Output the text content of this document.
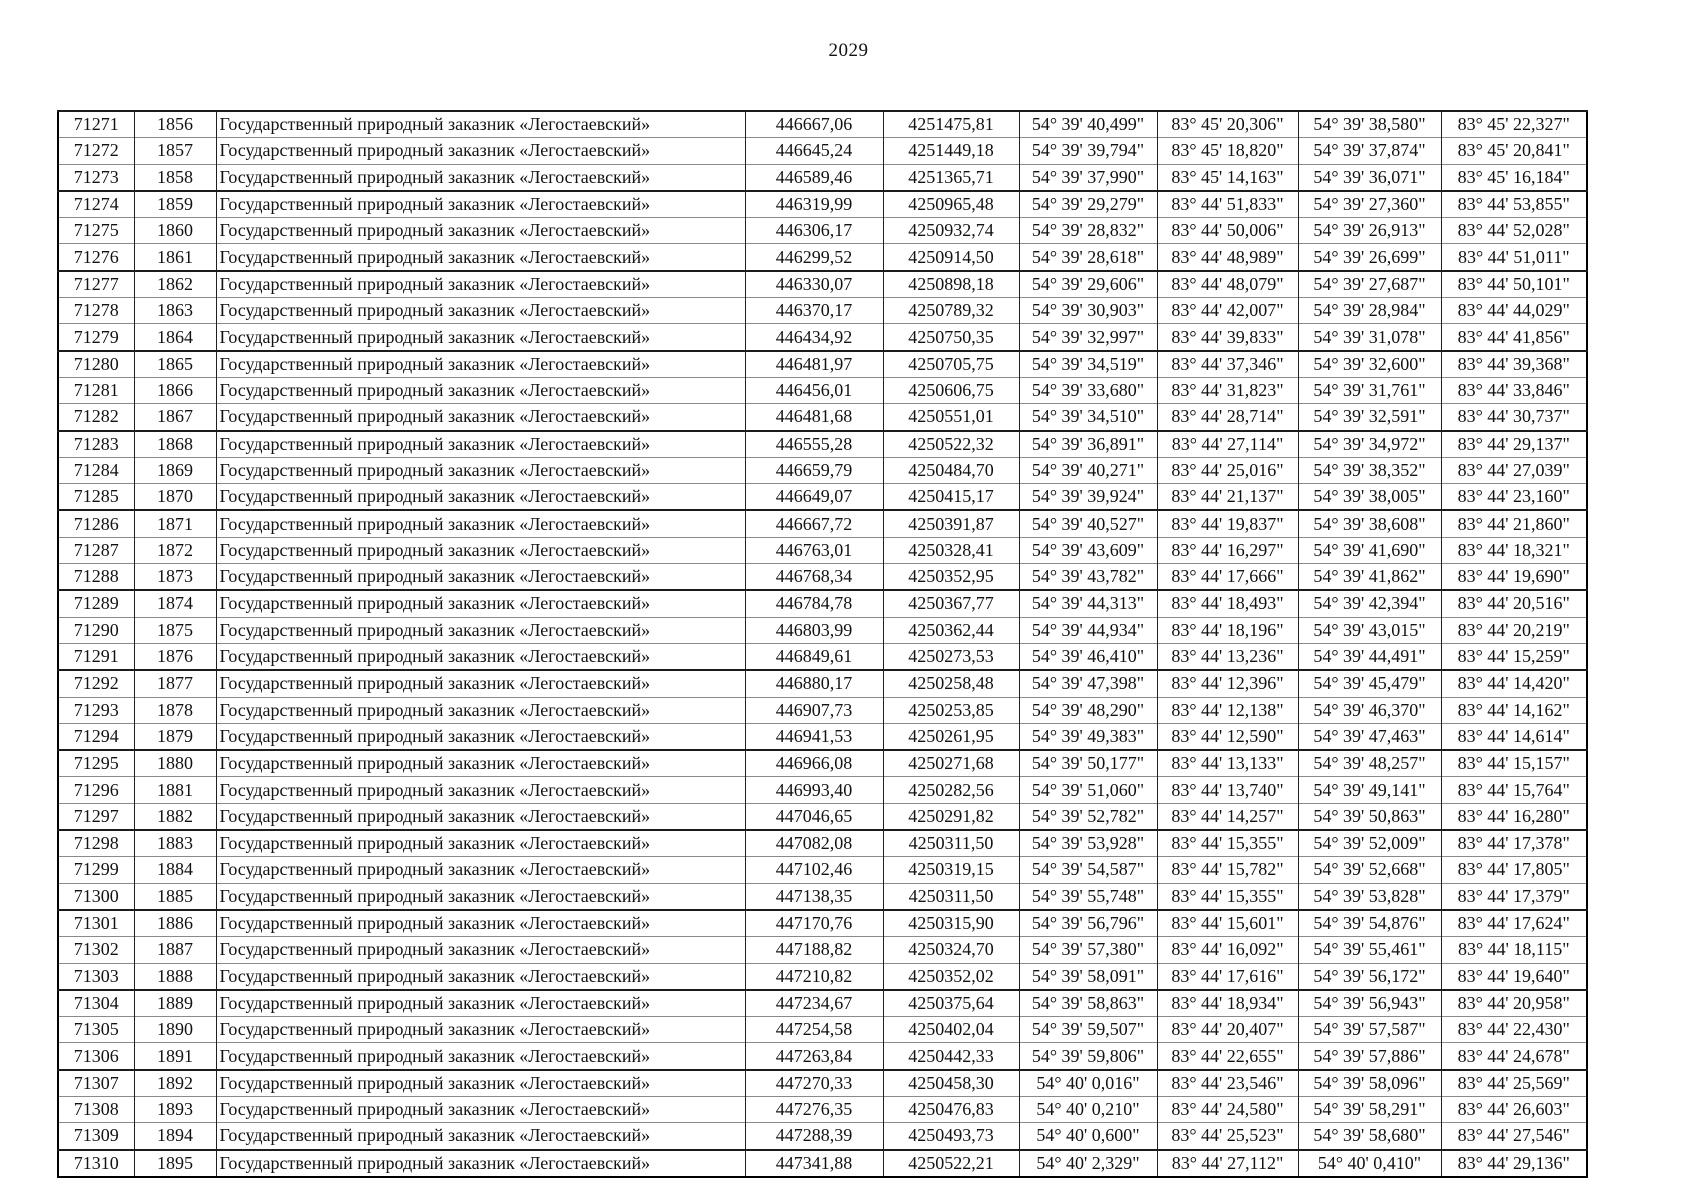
2029
71271	1856	Государственный природный заказник «Легостаевский»	446667,06	4251475,81	54° 39' 40,499"	83° 45' 20,306"	54° 39' 38,580"	83° 45' 22,327"
71272	1857	Государственный природный заказник «Легостаевский»	446645,24	4251449,18	54° 39' 39,794"	83° 45' 18,820"	54° 39' 37,874"	83° 45' 20,841"
71273	1858	Государственный природный заказник «Легостаевский»	446589,46	4251365,71	54° 39' 37,990"	83° 45' 14,163"	54° 39' 36,071"	83° 45' 16,184"
71274	1859	Государственный природный заказник «Легостаевский»	446319,99	4250965,48	54° 39' 29,279"	83° 44' 51,833"	54° 39' 27,360"	83° 44' 53,855"
71275	1860	Государственный природный заказник «Легостаевский»	446306,17	4250932,74	54° 39' 28,832"	83° 44' 50,006"	54° 39' 26,913"	83° 44' 52,028"
71276	1861	Государственный природный заказник «Легостаевский»	446299,52	4250914,50	54° 39' 28,618"	83° 44' 48,989"	54° 39' 26,699"	83° 44' 51,011"
71277	1862	Государственный природный заказник «Легостаевский»	446330,07	4250898,18	54° 39' 29,606"	83° 44' 48,079"	54° 39' 27,687"	83° 44' 50,101"
71278	1863	Государственный природный заказник «Легостаевский»	446370,17	4250789,32	54° 39' 30,903"	83° 44' 42,007"	54° 39' 28,984"	83° 44' 44,029"
71279	1864	Государственный природный заказник «Легостаевский»	446434,92	4250750,35	54° 39' 32,997"	83° 44' 39,833"	54° 39' 31,078"	83° 44' 41,856"
71280	1865	Государственный природный заказник «Легостаевский»	446481,97	4250705,75	54° 39' 34,519"	83° 44' 37,346"	54° 39' 32,600"	83° 44' 39,368"
71281	1866	Государственный природный заказник «Легостаевский»	446456,01	4250606,75	54° 39' 33,680"	83° 44' 31,823"	54° 39' 31,761"	83° 44' 33,846"
71282	1867	Государственный природный заказник «Легостаевский»	446481,68	4250551,01	54° 39' 34,510"	83° 44' 28,714"	54° 39' 32,591"	83° 44' 30,737"
71283	1868	Государственный природный заказник «Легостаевский»	446555,28	4250522,32	54° 39' 36,891"	83° 44' 27,114"	54° 39' 34,972"	83° 44' 29,137"
71284	1869	Государственный природный заказник «Легостаевский»	446659,79	4250484,70	54° 39' 40,271"	83° 44' 25,016"	54° 39' 38,352"	83° 44' 27,039"
71285	1870	Государственный природный заказник «Легостаевский»	446649,07	4250415,17	54° 39' 39,924"	83° 44' 21,137"	54° 39' 38,005"	83° 44' 23,160"
71286	1871	Государственный природный заказник «Легостаевский»	446667,72	4250391,87	54° 39' 40,527"	83° 44' 19,837"	54° 39' 38,608"	83° 44' 21,860"
71287	1872	Государственный природный заказник «Легостаевский»	446763,01	4250328,41	54° 39' 43,609"	83° 44' 16,297"	54° 39' 41,690"	83° 44' 18,321"
71288	1873	Государственный природный заказник «Легостаевский»	446768,34	4250352,95	54° 39' 43,782"	83° 44' 17,666"	54° 39' 41,862"	83° 44' 19,690"
71289	1874	Государственный природный заказник «Легостаевский»	446784,78	4250367,77	54° 39' 44,313"	83° 44' 18,493"	54° 39' 42,394"	83° 44' 20,516"
71290	1875	Государственный природный заказник «Легостаевский»	446803,99	4250362,44	54° 39' 44,934"	83° 44' 18,196"	54° 39' 43,015"	83° 44' 20,219"
71291	1876	Государственный природный заказник «Легостаевский»	446849,61	4250273,53	54° 39' 46,410"	83° 44' 13,236"	54° 39' 44,491"	83° 44' 15,259"
71292	1877	Государственный природный заказник «Легостаевский»	446880,17	4250258,48	54° 39' 47,398"	83° 44' 12,396"	54° 39' 45,479"	83° 44' 14,420"
71293	1878	Государственный природный заказник «Легостаевский»	446907,73	4250253,85	54° 39' 48,290"	83° 44' 12,138"	54° 39' 46,370"	83° 44' 14,162"
71294	1879	Государственный природный заказник «Легостаевский»	446941,53	4250261,95	54° 39' 49,383"	83° 44' 12,590"	54° 39' 47,463"	83° 44' 14,614"
71295	1880	Государственный природный заказник «Легостаевский»	446966,08	4250271,68	54° 39' 50,177"	83° 44' 13,133"	54° 39' 48,257"	83° 44' 15,157"
71296	1881	Государственный природный заказник «Легостаевский»	446993,40	4250282,56	54° 39' 51,060"	83° 44' 13,740"	54° 39' 49,141"	83° 44' 15,764"
71297	1882	Государственный природный заказник «Легостаевский»	447046,65	4250291,82	54° 39' 52,782"	83° 44' 14,257"	54° 39' 50,863"	83° 44' 16,280"
71298	1883	Государственный природный заказник «Легостаевский»	447082,08	4250311,50	54° 39' 53,928"	83° 44' 15,355"	54° 39' 52,009"	83° 44' 17,378"
71299	1884	Государственный природный заказник «Легостаевский»	447102,46	4250319,15	54° 39' 54,587"	83° 44' 15,782"	54° 39' 52,668"	83° 44' 17,805"
71300	1885	Государственный природный заказник «Легостаевский»	447138,35	4250311,50	54° 39' 55,748"	83° 44' 15,355"	54° 39' 53,828"	83° 44' 17,379"
71301	1886	Государственный природный заказник «Легостаевский»	447170,76	4250315,90	54° 39' 56,796"	83° 44' 15,601"	54° 39' 54,876"	83° 44' 17,624"
71302	1887	Государственный природный заказник «Легостаевский»	447188,82	4250324,70	54° 39' 57,380"	83° 44' 16,092"	54° 39' 55,461"	83° 44' 18,115"
71303	1888	Государственный природный заказник «Легостаевский»	447210,82	4250352,02	54° 39' 58,091"	83° 44' 17,616"	54° 39' 56,172"	83° 44' 19,640"
71304	1889	Государственный природный заказник «Легостаевский»	447234,67	4250375,64	54° 39' 58,863"	83° 44' 18,934"	54° 39' 56,943"	83° 44' 20,958"
71305	1890	Государственный природный заказник «Легостаевский»	447254,58	4250402,04	54° 39' 59,507"	83° 44' 20,407"	54° 39' 57,587"	83° 44' 22,430"
71306	1891	Государственный природный заказник «Легостаевский»	447263,84	4250442,33	54° 39' 59,806"	83° 44' 22,655"	54° 39' 57,886"	83° 44' 24,678"
71307	1892	Государственный природный заказник «Легостаевский»	447270,33	4250458,30	54° 40' 0,016"	83° 44' 23,546"	54° 39' 58,096"	83° 44' 25,569"
71308	1893	Государственный природный заказник «Легостаевский»	447276,35	4250476,83	54° 40' 0,210"	83° 44' 24,580"	54° 39' 58,291"	83° 44' 26,603"
71309	1894	Государственный природный заказник «Легостаевский»	447288,39	4250493,73	54° 40' 0,600"	83° 44' 25,523"	54° 39' 58,680"	83° 44' 27,546"
71310	1895	Государственный природный заказник «Легостаевский»	447341,88	4250522,21	54° 40' 2,329"	83° 44' 27,112"	54° 40' 0,410"	83° 44' 29,136"
